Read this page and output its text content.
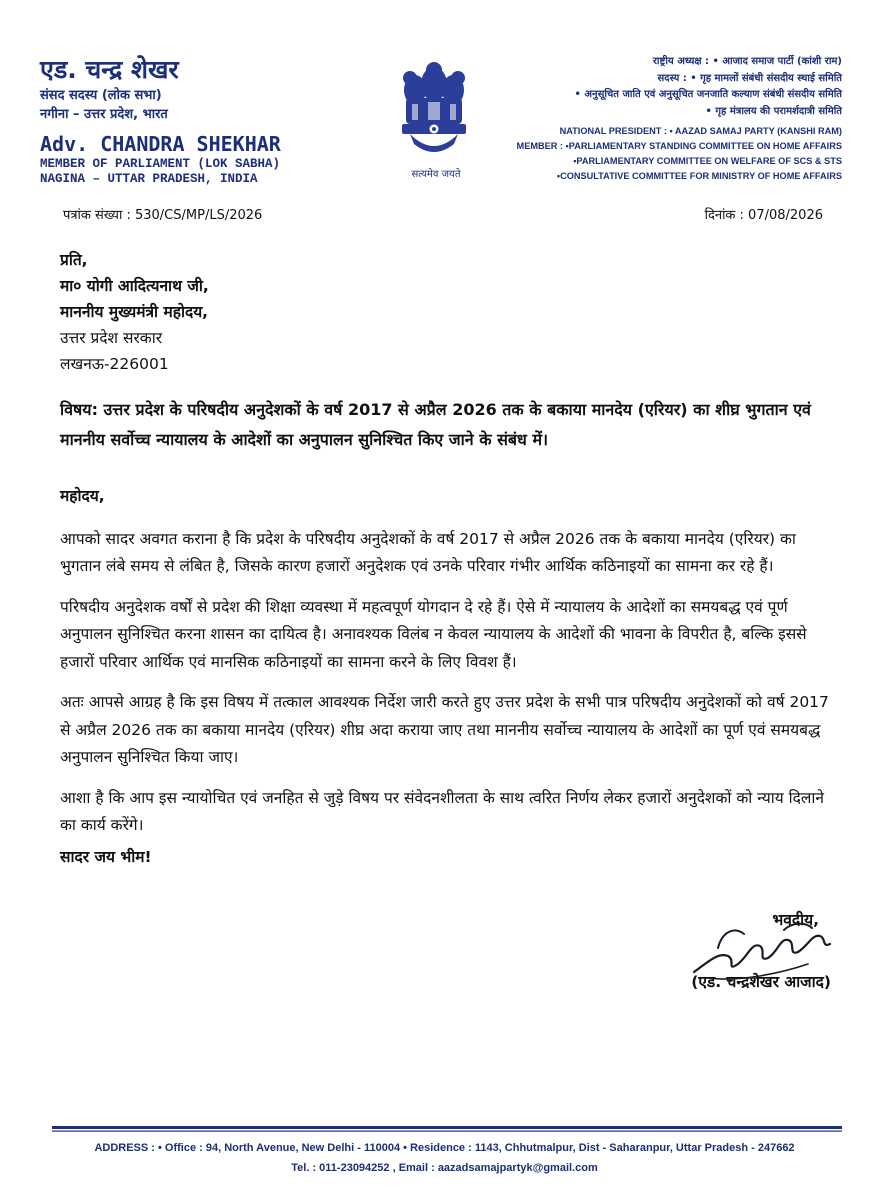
एड. चन्द्र शेखर
संसद सदस्य (लोक सभा)
नगीना – उत्तर प्रदेश, भारत
Adv. CHANDRA SHEKHAR
MEMBER OF PARLIAMENT (LOK SABHA)
NAGINA – UTTAR PRADESH, INDIA	सत्यमेव जयते
राष्ट्रीय अध्यक्ष : • आजाद समाज पार्टी (कांशी राम)
सदस्य : • गृह मामलों संबंधी संसदीय स्थाई समिति
• अनुसूचित जाति एवं अनुसूचित जनजाति कल्याण संबंधी संसदीय समिति
• गृह मंत्रालय की परामर्शदात्री समिति
NATIONAL PRESIDENT : • AAZAD SAMAJ PARTY (KANSHI RAM)
MEMBER : •PARLIAMENTARY STANDING COMMITTEE ON HOME AFFAIRS
•PARLIAMENTARY COMMITTEE ON WELFARE OF SCS & STS
•CONSULTATIVE COMMITTEE FOR MINISTRY OF HOME AFFAIRS
पत्रांक संख्या : 530/CS/MP/LS/2026	दिनांक : 07/08/2026
प्रति,
मा० योगी आदित्यनाथ जी,
माननीय मुख्यमंत्री महोदय,
उत्तर प्रदेश सरकार
लखनऊ-226001
विषय: उत्तर प्रदेश के परिषदीय अनुदेशकों के वर्ष 2017 से अप्रैल 2026 तक के बकाया मानदेय (एरियर) का शीघ्र भुगतान एवं माननीय सर्वोच्च न्यायालय के आदेशों का अनुपालन सुनिश्चित किए जाने के संबंध में।

महोदय,

आपको सादर अवगत कराना है कि प्रदेश के परिषदीय अनुदेशकों के वर्ष 2017 से अप्रैल 2026 तक के बकाया मानदेय (एरियर) का भुगतान लंबे समय से लंबित है, जिसके कारण हजारों अनुदेशक एवं उनके परिवार गंभीर आर्थिक कठिनाइयों का सामना कर रहे हैं।

परिषदीय अनुदेशक वर्षों से प्रदेश की शिक्षा व्यवस्था में महत्वपूर्ण योगदान दे रहे हैं। ऐसे में न्यायालय के आदेशों का समयबद्ध एवं पूर्ण अनुपालन सुनिश्चित करना शासन का दायित्व है। अनावश्यक विलंब न केवल न्यायालय के आदेशों की भावना के विपरीत है, बल्कि इससे हजारों परिवार आर्थिक एवं मानसिक कठिनाइयों का सामना करने के लिए विवश हैं।

अतः आपसे आग्रह है कि इस विषय में तत्काल आवश्यक निर्देश जारी करते हुए उत्तर प्रदेश के सभी पात्र परिषदीय अनुदेशकों को वर्ष 2017 से अप्रैल 2026 तक का बकाया मानदेय (एरियर) शीघ्र अदा कराया जाए तथा माननीय सर्वोच्च न्यायालय के आदेशों का पूर्ण एवं समयबद्ध अनुपालन सुनिश्चित किया जाए।

आशा है कि आप इस न्यायोचित एवं जनहित से जुड़े विषय पर संवेदनशीलता के साथ त्वरित निर्णय लेकर हजारों अनुदेशकों को न्याय दिलाने का कार्य करेंगे।

सादर जय भीम!

भवदीय,
(एड. चन्द्रशेखर आजाद)
ADDRESS : • Office : 94, North Avenue, New Delhi - 110004 • Residence : 1143, Chhutmalpur, Dist - Saharanpur, Uttar Pradesh - 247662
Tel. : 011-23094252 , Email : aazadsamajpartyk@gmail.com
